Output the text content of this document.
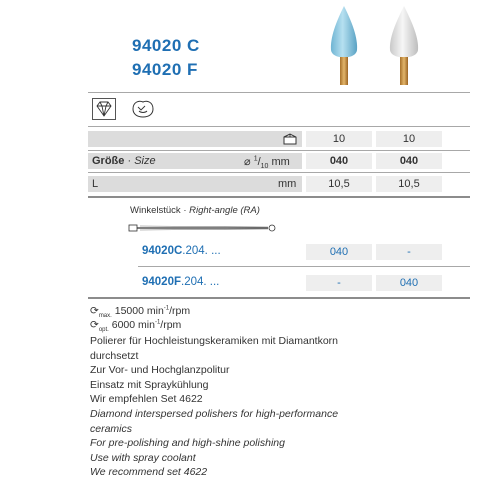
94020 C
94020 F
10	10
Größe · Size	⌀ $^1/_{10}$ mm	040	040
L	mm	10,5	10,5
Winkelstück · Right-angle (RA)
94020C.204. ...	040	-
94020F.204. ...	-	040
$⟳_{max.}$ 15000 $\min^{-1}$/rpm
$⟳_{opt.}$ 6000 $\min^{-1}$/rpm
Polierer für Hochleistungskeramiken mit Diamantkorn
durchsetzt
Zur Vor- und Hochglanzpolitur
Einsatz mit Spraykühlung
Wir empfehlen Set 4622
Diamond interspersed polishers for high-performance
ceramics
For pre-polishing and high-shine polishing
Use with spray coolant
We recommend set 4622
